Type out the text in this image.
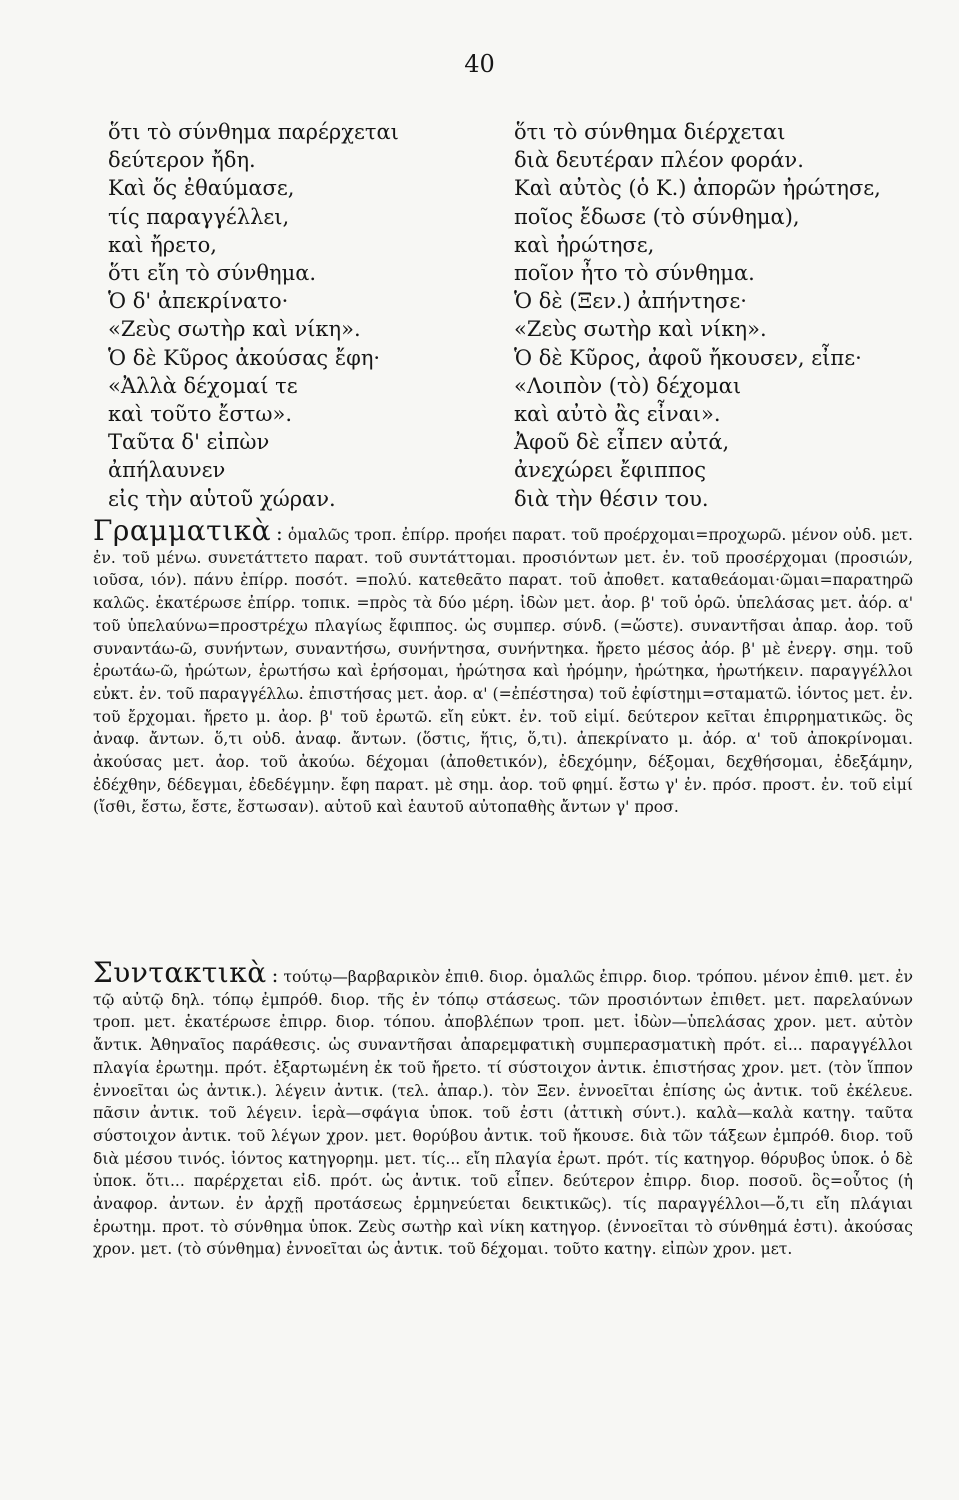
40
ὅτι τὸ σύνθημα παρέρχεται
δεύτερον ἤδη.
Καὶ ὅς ἐθαύμασε,
τίς παραγγέλλει,
καὶ ἤρετο,
ὅτι εἴη τὸ σύνθημα.
Ὁ δ' ἀπεκρίνατο·
«Ζεὺς σωτὴρ καὶ νίκη».
Ὁ δὲ Κῦρος ἀκούσας ἔφη·
«Ἀλλὰ δέχομαί τε
καὶ τοῦτο ἔστω».
Ταῦτα δ' εἰπὼν
ἀπήλαυνεν
εἰς τὴν αὑτοῦ χώραν.
ὅτι τὸ σύνθημα διέρχεται
διὰ δευτέραν πλέον φοράν.
Καὶ αὐτὸς (ὁ Κ.) ἀπορῶν ἠρώτησε,
ποῖος ἔδωσε (τὸ σύνθημα),
καὶ ἠρώτησε,
ποῖον ἦτο τὸ σύνθημα.
Ὁ δὲ (Ξεν.) ἀπήντησε·
«Ζεὺς σωτὴρ καὶ νίκη».
Ὁ δὲ Κῦρος, ἀφοῦ ἤκουσεν, εἶπε·
«Λοιπὸν (τὸ) δέχομαι
καὶ αὐτὸ ἂς εἶναι».
Ἀφοῦ δὲ εἶπεν αὐτά,
ἀνεχώρει ἔφιππος
διὰ τὴν θέσιν του.
Γραμματικὰ : ὁμαλῶς τροπ. ἐπίρρ. προήει παρατ. τοῦ προέρχομαι=προχωρῶ. μένον οὐδ. μετ. ἐν. τοῦ μένω. συνετάττετο παρατ. τοῦ συντάττομαι. προσιόντων μετ. ἐν. τοῦ προσέρχομαι (προσιών, ιοῦσα, ιόν). πάνυ ἐπίρρ. ποσότ. =πολύ. κατεθεᾶτο παρατ. τοῦ ἀποθετ. καταθεάομαι·ῶμαι=παρατηρῶ καλῶς. ἑκατέρωσε ἐπίρρ. τοπικ. =πρὸς τὰ δύο μέρη. ἰδὼν μετ. ἀορ. β' τοῦ ὁρῶ. ὑπελάσας μετ. ἀόρ. α' τοῦ ὑπελαύνω=προστρέχω πλαγίως ἔφιππος. ὡς συμπερ. σύνδ. (=ὥστε). συναντῆσαι ἀπαρ. ἀορ. τοῦ συναντάω-ῶ, συνήντων, συναντήσω, συνήντησα, συνήντηκα. ἤρετο μέσος ἀόρ. β' μὲ ἐνεργ. σημ. τοῦ ἐρωτάω-ῶ, ἠρώτων, ἐρωτήσω καὶ ἐρήσομαι, ἠρώτησα καὶ ἠρόμην, ἠρώτηκα, ἠρωτήκειν. παραγγέλλοι εὐκτ. ἐν. τοῦ παραγγέλλω. ἐπιστήσας μετ. ἀορ. α' (=ἐπέστησα) τοῦ ἐφίστημι=σταματῶ. ἰόντος μετ. ἐν. τοῦ ἔρχομαι. ἤρετο μ. ἀορ. β' τοῦ ἐρωτῶ. εἴη εὐκτ. ἐν. τοῦ εἰμί. δεύτερον κεῖται ἐπιρρηματικῶς. ὃς ἀναφ. ἄντων. ὅ,τι οὐδ. ἀναφ. ἄντων. (ὅστις, ἥτις, ὅ,τι). ἀπεκρίνατο μ. ἀόρ. α' τοῦ ἀποκρίνομαι. ἀκούσας μετ. ἀορ. τοῦ ἀκούω. δέχομαι (ἀποθετικόν), ἐδεχόμην, δέξομαι, δεχθήσομαι, ἐδεξάμην, ἐδέχθην, δέδεγμαι, ἐδεδέγμην. ἔφη παρατ. μὲ σημ. ἀορ. τοῦ φημί. ἔστω γ' ἐν. πρόσ. προστ. ἐν. τοῦ εἰμί (ἴσθι, ἔστω, ἔστε, ἔστωσαν). αὑτοῦ καὶ ἑαυτοῦ αὐτοπαθὴς ἄντων γ' προσ.
Συντακτικὰ : τούτῳ—βαρβαρικὸν ἐπιθ. διορ. ὁμαλῶς ἐπιρρ. διορ. τρόπου. μένον ἐπιθ. μετ. ἐν τῷ αὐτῷ δηλ. τόπῳ ἐμπρόθ. διορ. τῆς ἐν τόπῳ στάσεως. τῶν προσιόντων ἐπιθετ. μετ. παρελαύνων τροπ. μετ. ἑκατέρωσε ἐπιρρ. διορ. τόπου. ἀποβλέπων τροπ. μετ. ἰδὼν—ὑπελάσας χρον. μετ. αὐτὸν ἄντικ. Ἀθηναῖος παράθεσις. ὡς συναντῆσαι ἀπαρεμφατικὴ συμπερασματικὴ πρότ. εἰ... παραγγέλλοι πλαγία ἐρωτημ. πρότ. ἐξαρτωμένη ἐκ τοῦ ἤρετο. τί σύστοιχον ἀντικ. ἐπιστήσας χρον. μετ. (τὸν ἵππον ἐννοεῖται ὡς ἀντικ.). λέγειν ἀντικ. (τελ. ἀπαρ.). τὸν Ξεν. ἐννοεῖται ἐπίσης ὡς ἀντικ. τοῦ ἐκέλευε. πᾶσιν ἀντικ. τοῦ λέγειν. ἱερὰ—σφάγια ὑποκ. τοῦ ἐστι (ἀττικὴ σύντ.). καλὰ—καλὰ κατηγ. ταῦτα σύστοιχον ἀντικ. τοῦ λέγων χρον. μετ. θορύβου ἀντικ. τοῦ ἤκουσε. διὰ τῶν τάξεων ἐμπρόθ. διορ. τοῦ διὰ μέσου τινός. ἰόντος κατηγορημ. μετ. τίς... εἴη πλαγία ἐρωτ. πρότ. τίς κατηγορ. θόρυβος ὑποκ. ὁ δὲ ὑποκ. ὅτι... παρέρχεται εἰδ. πρότ. ὡς ἀντικ. τοῦ εἶπεν. δεύτερον ἐπιρρ. διορ. ποσοῦ. ὃς=οὗτος (ἡ ἀναφορ. ἀντων. ἐν ἀρχῇ προτάσεως ἑρμηνεύεται δεικτικῶς). τίς παραγγέλλοι—ὅ,τι εἴη πλάγιαι ἐρωτημ. προτ. τὸ σύνθημα ὑποκ. Ζεὺς σωτὴρ καὶ νίκη κατηγορ. (ἐννοεῖται τὸ σύνθημά ἐστι). ἀκούσας χρον. μετ. (τὸ σύνθημα) ἐννοεῖται ὡς ἀντικ. τοῦ δέχομαι. τοῦτο κατηγ. εἰπὼν χρον. μετ.
